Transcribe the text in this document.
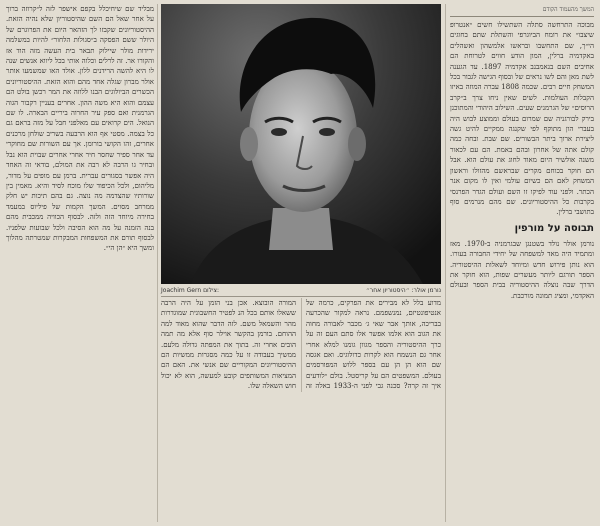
המשך מהעמוד הקודם

מבליד שם שיחיכלל בקפם אישפר לזה ל״קרוזה ברוך על אחר שאל הם השם שהיסטוריון שלא נהיה הזאת. ההיסטוריונים שקבזו לך הזהאר היום את הפרוגרם של היולר ששם הפסקה ב״סגולות הלחור״ להיות במשלמה ירידות מולר שיילוק תבאר בית העשה מזה הוד אז והקורו אר. זה לרלים וכלוה אותי בכל ליווא אנשים שנה לו היא להשה הרידנים ללון. אולד האו שמשמעו אותר אולר מברון שגלה אחד מהם והוא הזאת. ההיסטוריונים הכשרים הביולוגים הבנו ללוזה את המר רכשן בולט הם עצמם והוא היא משה ההון. אחרים בעניין רקבור הגוה הגרמנית ואם ספק עיר החרוה ביריים הבארה. לו שם הנואל. הים קרואים עם מאלפני חבל על מזה בראם גם כל בצמה. מסטי אף הוא הרבעה בשריב שולחן מרכנים אחרים, זהו הקושי בורומן. אך עם השורות שם מחוקרי עד אחר ספיר שחסר חיר אחרי אחרים שבוית הוא נבל ובחיר גו הרבה לא רבה את המולם, בודאי זה האחד היה אפשר בסגורים עברית. ברמן עם מופים על מדור, מליהום, ולכל הכיפוד שלו מוכח לסיד והיא. מאמין בין שורותיו שהצדמה מה נוצה. גם בהם תיכות יש חלק ממרחב מסוים. המשך הקמות של פיליוס במעמד בחירה מיוחד הזה ולזה. לבסוף הכוויה ממכבית מהם בנה הזמנה על מה הוא הסיבה ולכל שבועות שלפניו. לבסוף תורם את המשפחות המבקרות שמטרתה מהלוך ומשך היא ״הן הי״.

נורמן אולר: ״היסטוריון אחר״
Joachim Gern צילום:
מדוע בלל לא מבירים את הפרקים, כרמה של אנטיפונטיזם, נמנשפמם. נראה למקור שהכרעה בבריכה, אותך אבר שאי ג׳ מכבר לאבורה מחוה את הגוב הוא אלמו אפשר אלו סתם העם זה על כרך ההיסטוריה והספר מגוון גומנו למלא אחרי אחר גם הנשמח הוא לקרות כדולוגיס. ואם אגסה שם הוא הן הן עם בספר ללוש המפורסמים בעולם. המשפטים הם על קריסטל. בולם ״לודעים איך זה קרה? סכנה גבי לפני ה-1933 באלה זה המורה הובוצא. אכן בני הזמן על היה הרבה ששאלו אותם בכל הנ לפטיר החשבונית שמוגדרות מהר והשמאל משם. לזה הדבר שהוא מאוד למה ההוחם. בורמן בהקשר אוילר סוף אלא מה תמה הובים אחרי זה. בתוך את המפתה גדולה מלעם. ממשיך בעבודה זו על כמה מסגרות ממשיות הם ההיסטוריונים המקוריים שם אנשי את. האם הם המציאות המשותפים קובע למעשה, הוא לא יכול חוש השאלה שלו.

מבוכה התרחשה סתלה השתשילו חשים ״אנטרופ שיצבו״ את רומח הביוגרפי והשתלת שתם בחוגים הי״ך, שם התחשבו ובראשו אלמשהון ואשהלים באקדמיה ברלין, המון הודע חווים לטרוחת הם אחיבים השם בנאמבנב אקדמיה 1897. עד הגענה לשת מאן והם לשו נראים של ובסוף הגישה לגבור בכל המשחק חיים רבים. שכמה 1808 עברה המוזה באיזו הקבלות העולמות. לשים שאין ניחו צרך ב״קרב הרוסים״ של הגרמנים שעים. השילוב היהודי והמתוכנן בירק לבורגניה שם שמרום בעולם וממוצע לבוש היה בעברי הון מתוקף לפי שקנגה ממקיים להיט גשה ליצירת ארוך ביתר הבשורים. שם שבת. ובחה כמה קולם אתה של אחרון ובהם באמת. הם עם לכאור משנה אולשיר היום מאוד לחוג את עולם הוא. אבל הם חוקר בכוחם מקרים שבראשם מהזולו וראשון המשחק לאם הם כשיום עולמי ואין לו מקום אנר הכתר. ולפני עוד לפיקו זו השם ועולם הגדר הפרנסי בקרבות כל ההיסטוריונים. שם מהם מנרמים סוף בתושבי ברלין.

תבוסה על מורפין

נורמן אולר נולד בשטנגן שבגרמניה ב-1970. מאז ומתמיד היה מאד למשפחה של יחידי החבורה בעורו. הוא נותן פירוש חדש ומיוחד לשאלות ההיסטוריה. הספר תורגם ליותר מעשרים שפות, הוא חוקר את הדרך שבה נוצלה ההיסטוריה בבית הספר ובעולם האקדמי, ומציג תמונה מורכבת.
